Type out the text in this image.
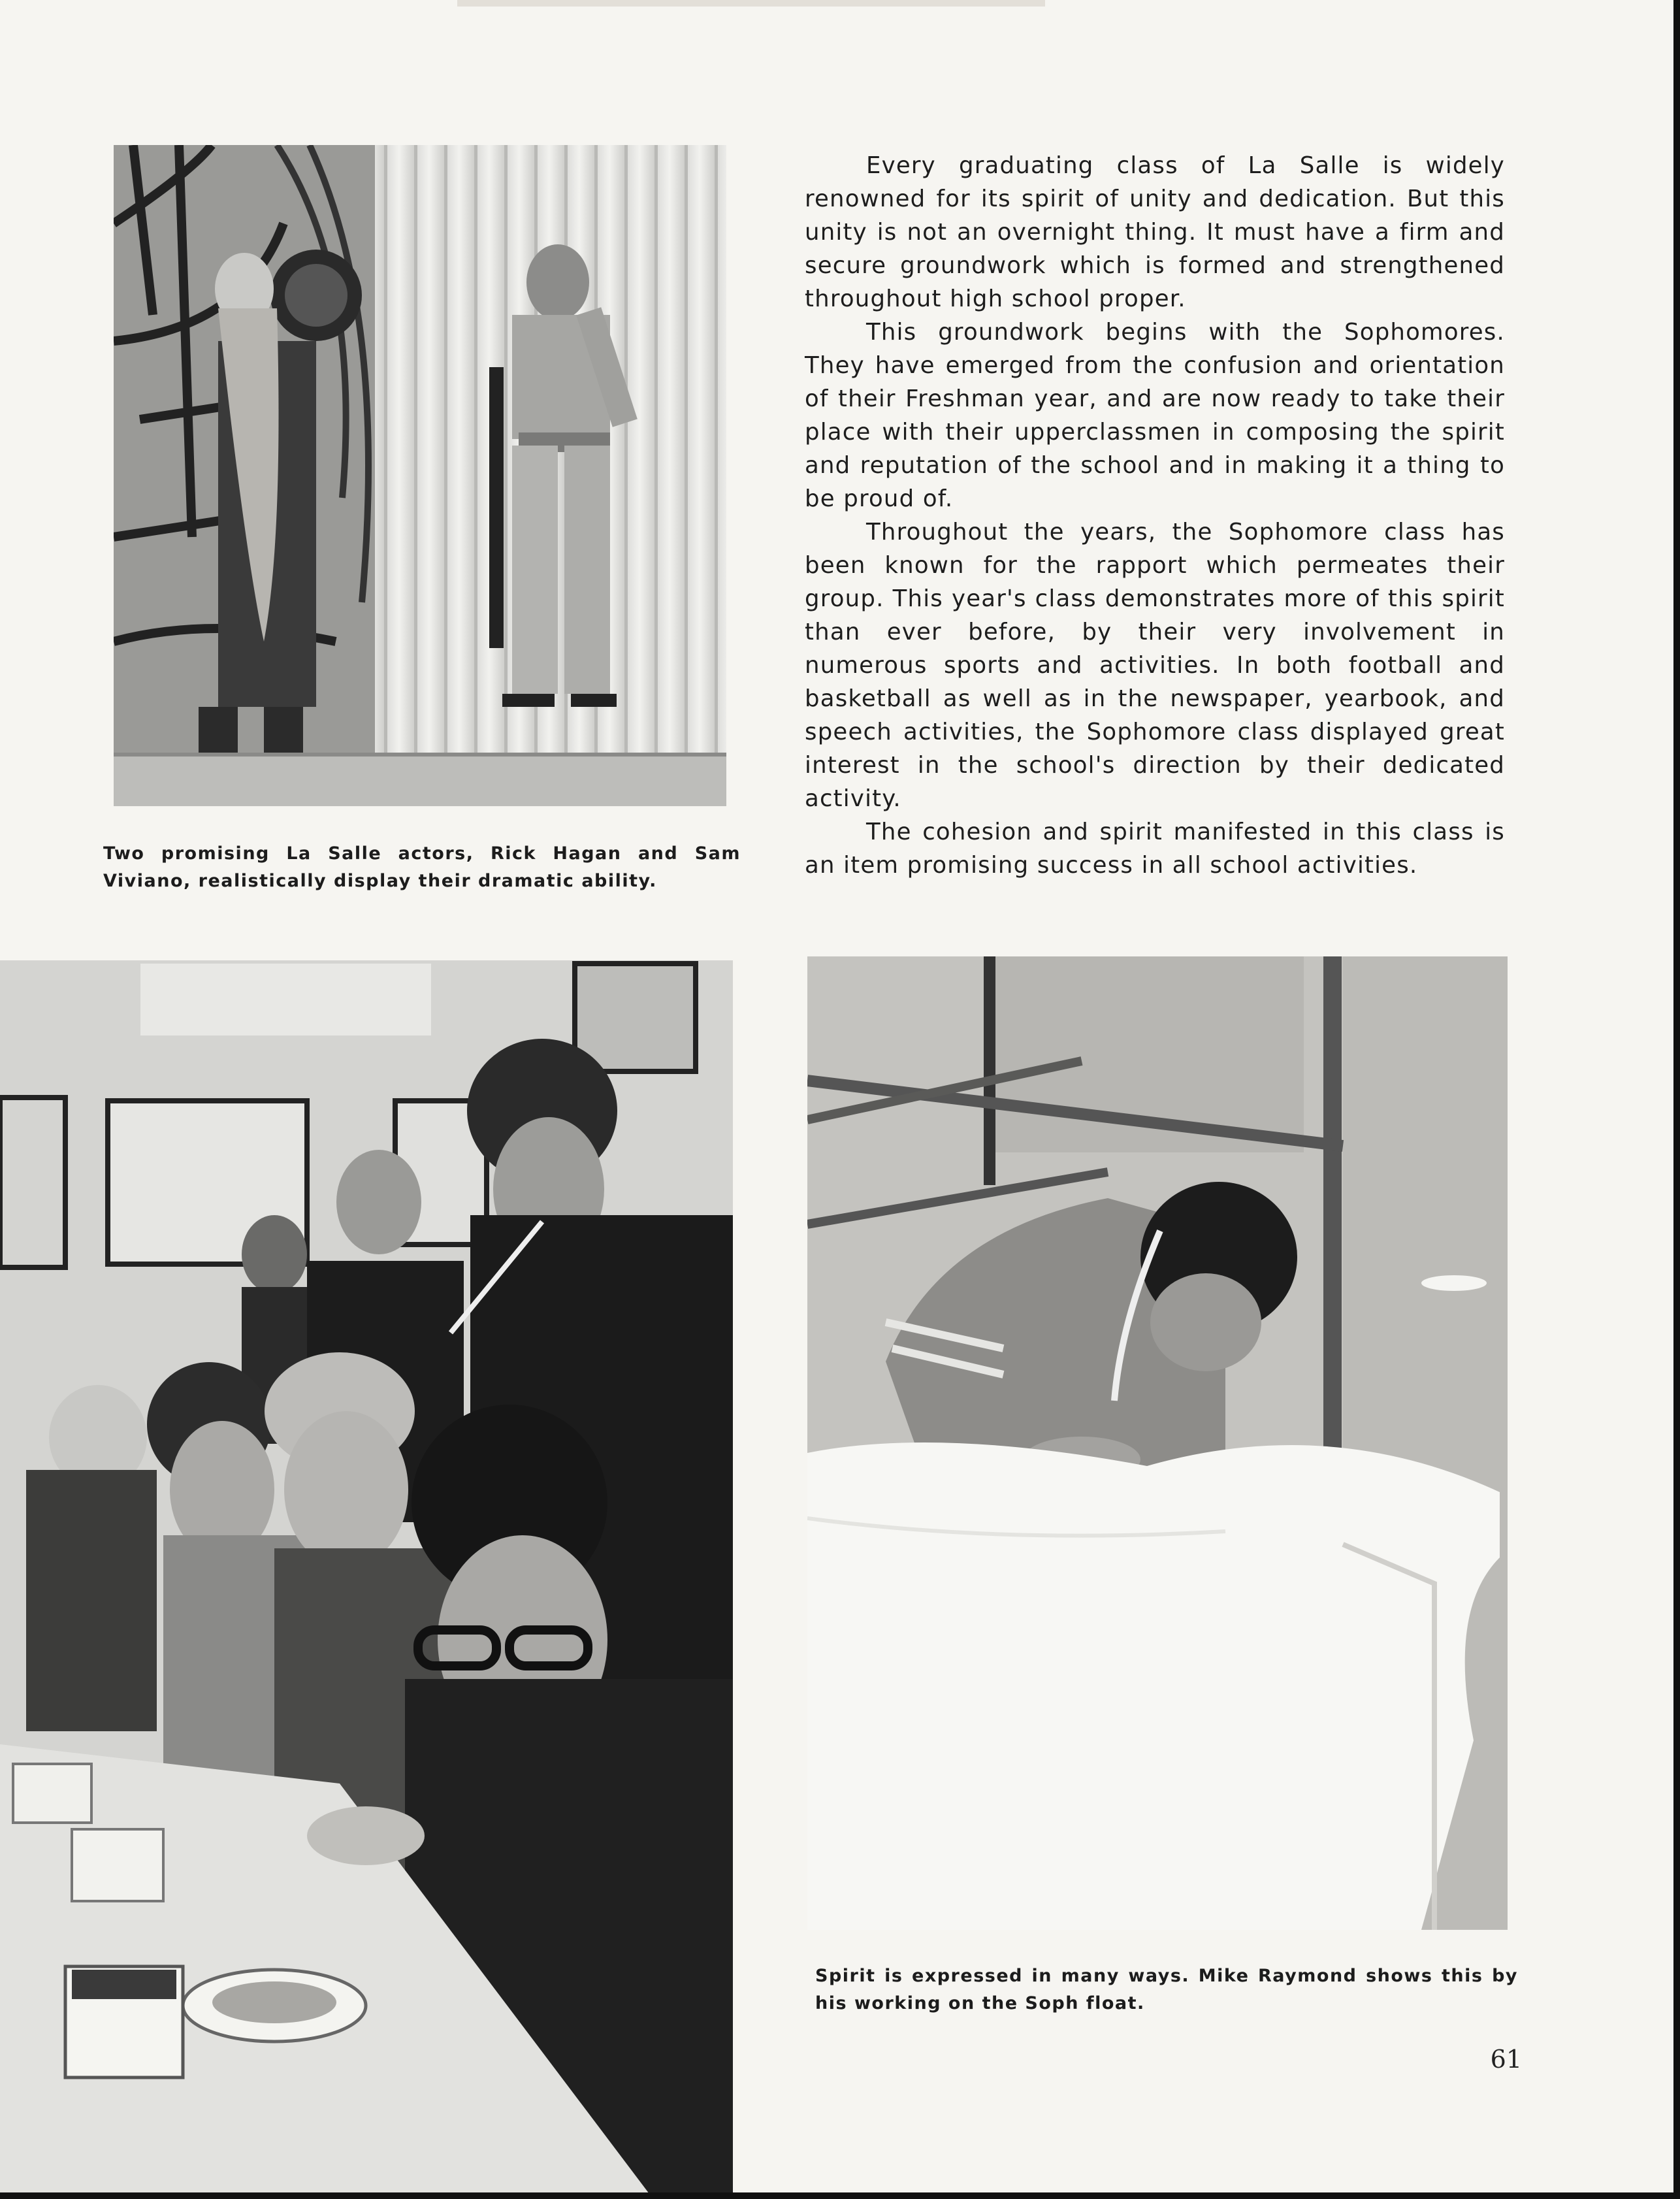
Two promising La Salle actors, Rick Hagan and Sam Viviano, realistically display their dramatic ability.

Every graduating class of La Salle is widely renowned for its spirit of unity and dedication. But this unity is not an overnight thing. It must have a firm and secure groundwork which is formed and strengthened throughout high school proper.

This groundwork begins with the Sophomores. They have emerged from the confusion and orientation of their Freshman year, and are now ready to take their place with their upperclassmen in composing the spirit and reputation of the school and in making it a thing to be proud of.

Throughout the years, the Sophomore class has been known for the rapport which permeates their group. This year's class demonstrates more of this spirit than ever before, by their very involvement in numerous sports and activities. In both football and basketball as well as in the newspaper, yearbook, and speech activities, the Sophomore class displayed great interest in the school's direction by their dedicated activity.

The cohesion and spirit manifested in this class is an item promising success in all school activities.

Spirit is expressed in many ways. Mike Raymond shows this by his working on the Soph float.

61
